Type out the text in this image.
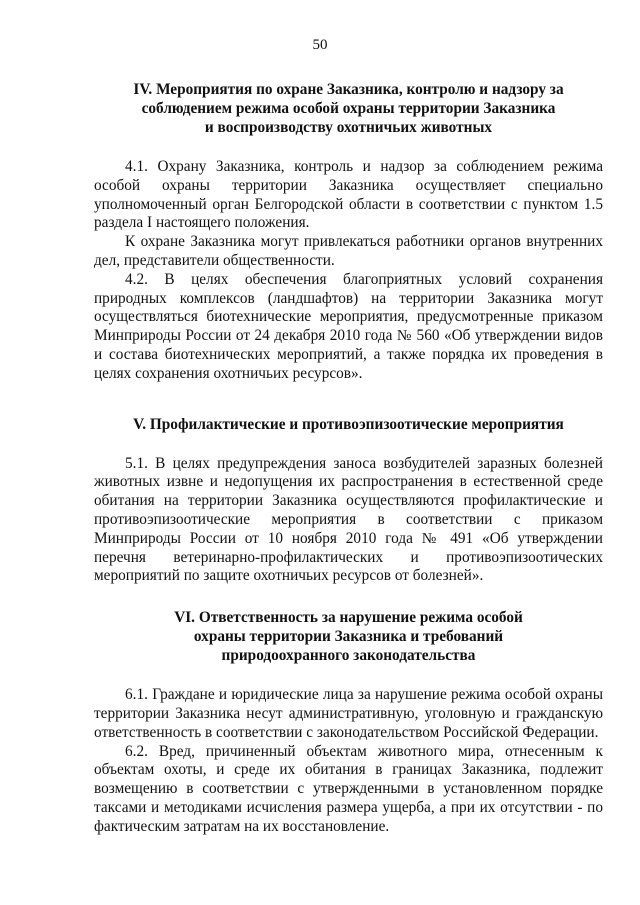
50
IV. Мероприятия по охране Заказника, контролю и надзору за
соблюдением режима особой охраны территории Заказника
и воспроизводству охотничьих животных

4.1. Охрану Заказника, контроль и надзор за соблюдением режима особой охраны территории Заказника осуществляет специально уполномоченный орган Белгородской области в соответствии с пунктом 1.5 раздела I настоящего положения.

К охране Заказника могут привлекаться работники органов внутренних дел, представители общественности.

4.2. В целях обеспечения благоприятных условий сохранения природных комплексов (ландшафтов) на территории Заказника могут осуществляться биотехнические мероприятия, предусмотренные приказом Минприроды России от 24 декабря 2010 года № 560 «Об утверждении видов и состава биотехнических мероприятий, а также порядка их проведения в целях сохранения охотничьих ресурсов».

V. Профилактические и противоэпизоотические мероприятия

5.1. В целях предупреждения заноса возбудителей заразных болезней животных извне и недопущения их распространения в естественной среде обитания на территории Заказника осуществляются профилактические и противоэпизоотические мероприятия в соответствии с приказом Минприроды России от 10 ноября 2010 года № 491 «Об утверждении перечня ветеринарно-профилактических и противоэпизоотических мероприятий по защите охотничьих ресурсов от болезней».

VI. Ответственность за нарушение режима особой
охраны территории Заказника и требований
природоохранного законодательства

6.1. Граждане и юридические лица за нарушение режима особой охраны территории Заказника несут административную, уголовную и гражданскую ответственность в соответствии с законодательством Российской Федерации.

6.2. Вред, причиненный объектам животного мира, отнесенным к объектам охоты, и среде их обитания в границах Заказника, подлежит возмещению в соответствии с утвержденными в установленном порядке таксами и методиками исчисления размера ущерба, а при их отсутствии - по фактическим затратам на их восстановление.
